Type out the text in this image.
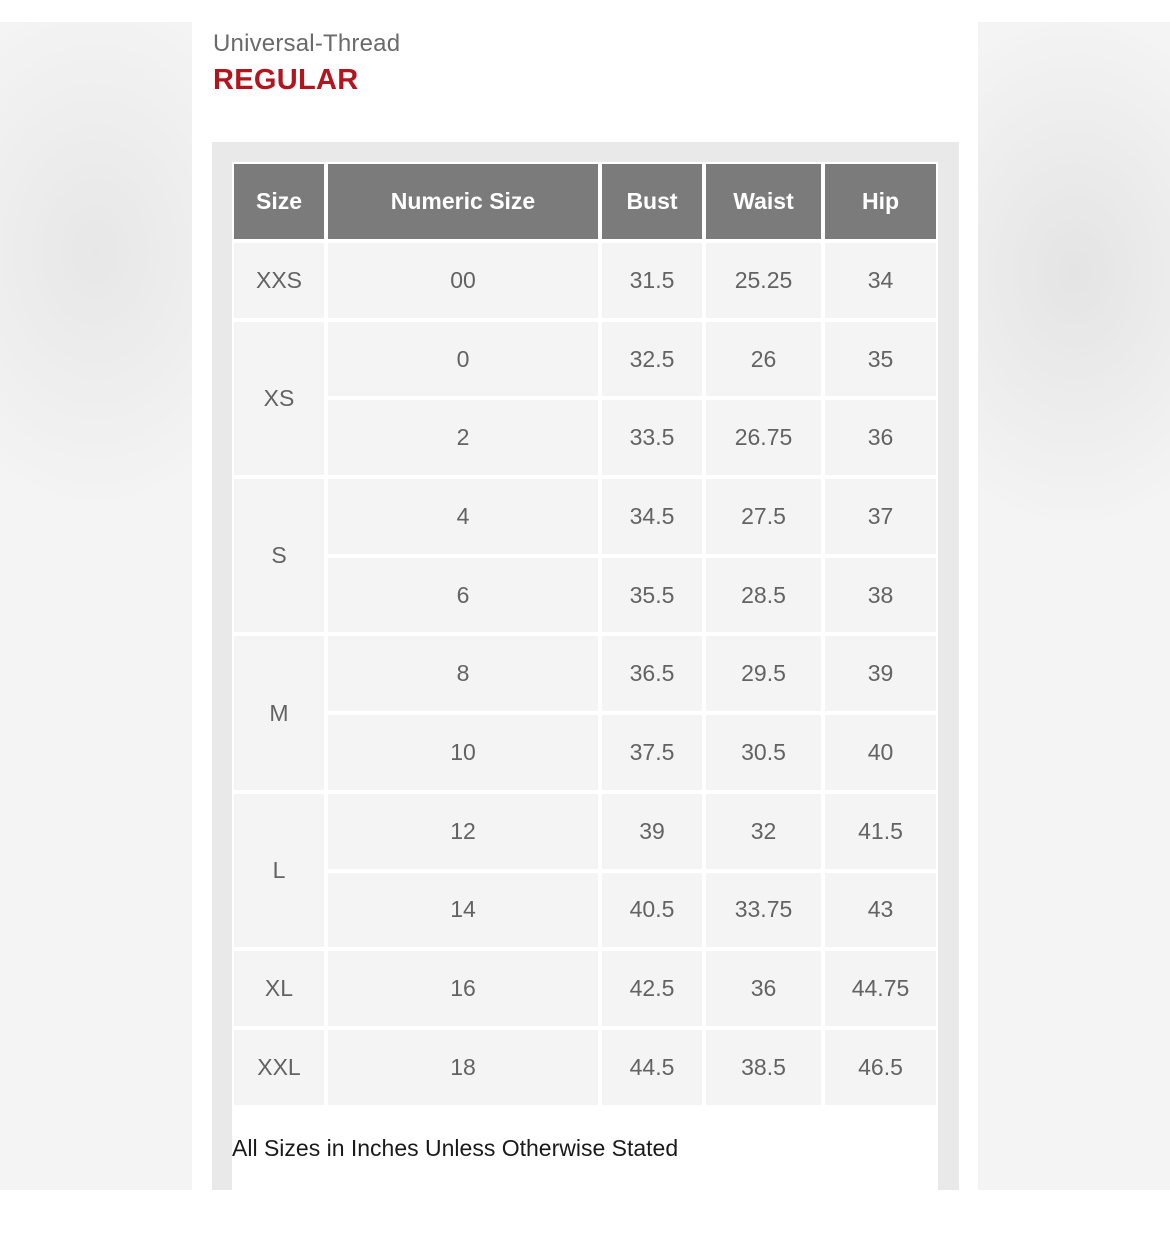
Universal-Thread
REGULAR
Size	Numeric Size	Bust	Waist	Hip
XXS	00	31.5	25.25	34
XS	0	32.5	26	35
	2	33.5	26.75	36
S	4	34.5	27.5	37
	6	35.5	28.5	38
M	8	36.5	29.5	39
	10	37.5	30.5	40
L	12	39	32	41.5
	14	40.5	33.75	43
XL	16	42.5	36	44.75
XXL	18	44.5	38.5	46.5
All Sizes in Inches Unless Otherwise Stated
